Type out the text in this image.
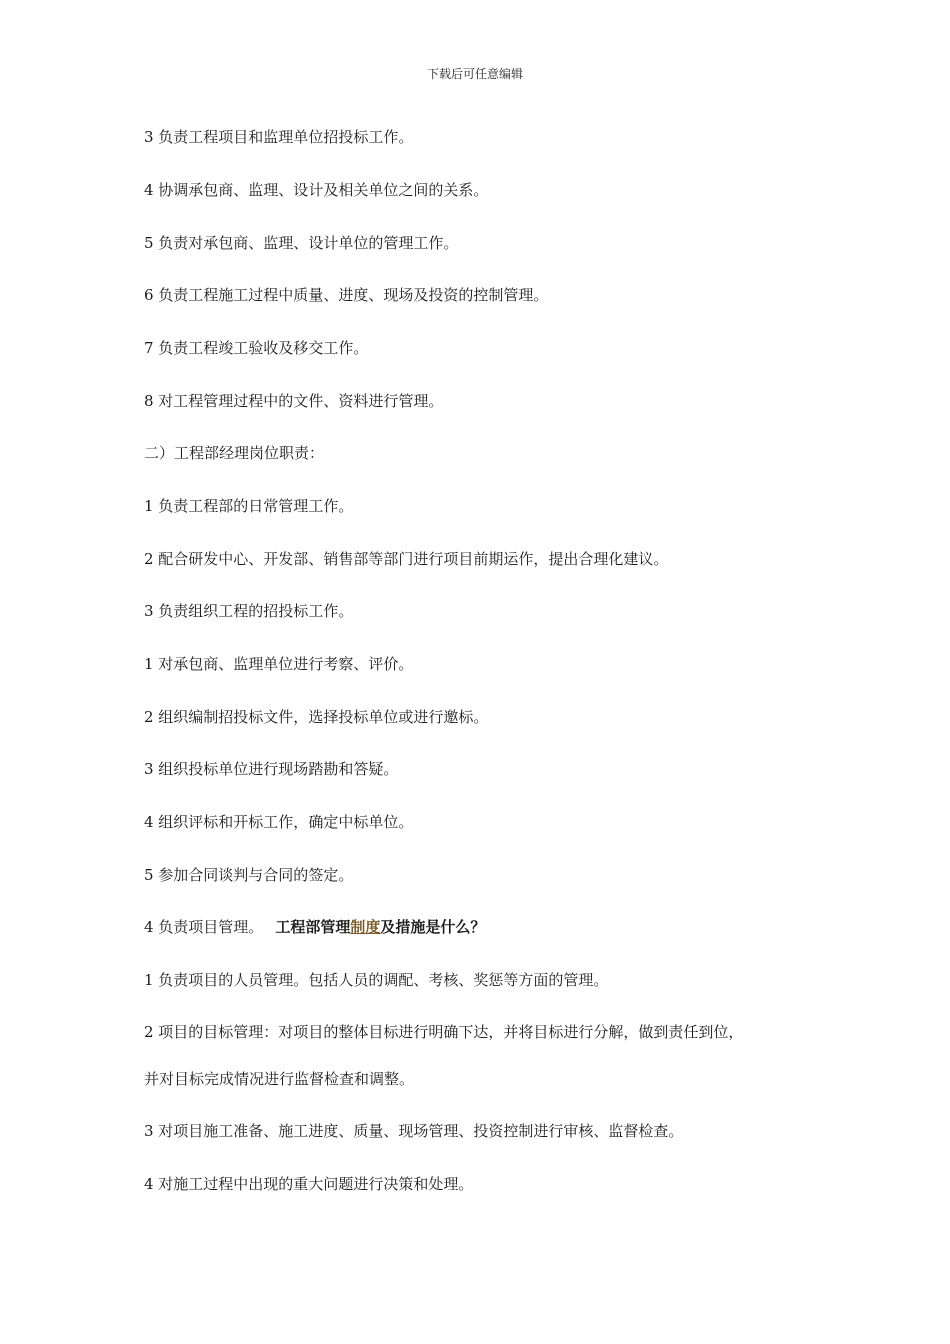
下载后可任意编辑
3 负责工程项目和监理单位招投标工作。
4 协调承包商、监理、设计及相关单位之间的关系。
5 负责对承包商、监理、设计单位的管理工作。
6 负责工程施工过程中质量、进度、现场及投资的控制管理。
7 负责工程竣工验收及移交工作。
8 对工程管理过程中的文件、资料进行管理。
二）工程部经理岗位职责：
1 负责工程部的日常管理工作。
2 配合研发中心、开发部、销售部等部门进行项目前期运作，提出合理化建议。
3 负责组织工程的招投标工作。
1 对承包商、监理单位进行考察、评价。
2 组织编制招投标文件，选择投标单位或进行邀标。
3 组织投标单位进行现场踏勘和答疑。
4 组织评标和开标工作，确定中标单位。
5 参加合同谈判与合同的签定。
4 负责项目管理。 工程部管理制度及措施是什么？
1 负责项目的人员管理。包括人员的调配、考核、奖惩等方面的管理。
2 项目的目标管理：对项目的整体目标进行明确下达，并将目标进行分解，做到责任到位，
并对目标完成情况进行监督检查和调整。
3 对项目施工准备、施工进度、质量、现场管理、投资控制进行审核、监督检查。
4 对施工过程中出现的重大问题进行决策和处理。
